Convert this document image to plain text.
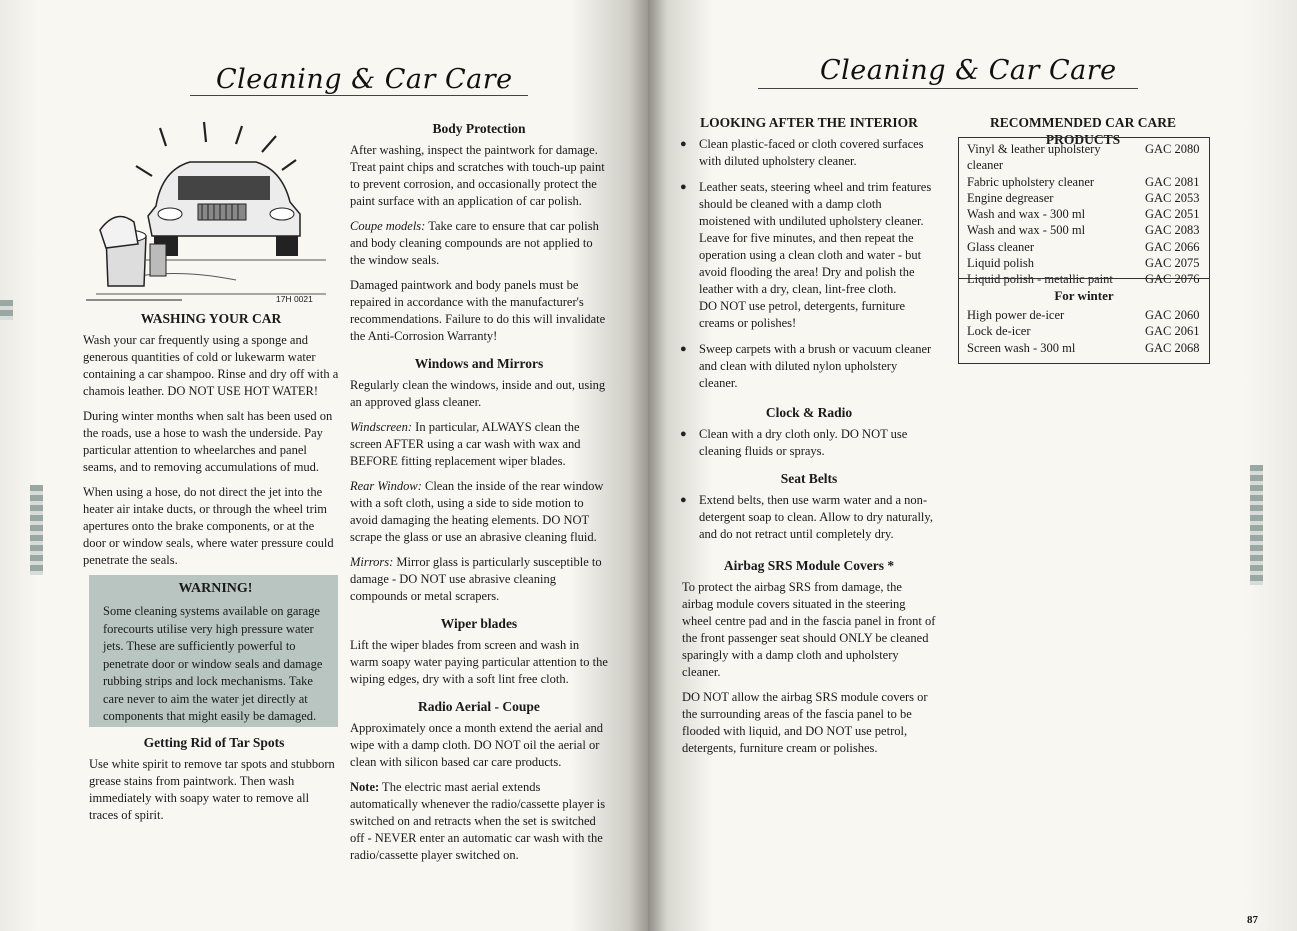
Cleaning & Car Care
17H 0021
WASHING YOUR CAR

Wash your car frequently using a sponge and generous quantities of cold or lukewarm water containing a car shampoo. Rinse and dry off with a chamois leather. DO NOT USE HOT WATER!

During winter months when salt has been used on the roads, use a hose to wash the underside. Pay particular attention to wheelarches and panel seams, and to removing accumulations of mud.

When using a hose, do not direct the jet into the heater air intake ducts, or through the wheel trim apertures onto the brake components, or at the door or window seals, where water pressure could penetrate the seals.

WARNING!
Some cleaning systems available on garage forecourts utilise very high pressure water jets. These are sufficiently powerful to penetrate door or window seals and damage rubbing strips and lock mechanisms. Take care never to aim the water jet directly at components that might easily be damaged.
Getting Rid of Tar Spots

Use white spirit to remove tar spots and stubborn grease stains from paintwork. Then wash immediately with soapy water to remove all traces of spirit.

Body Protection

After washing, inspect the paintwork for damage. Treat paint chips and scratches with touch-up paint to prevent corrosion, and occasionally protect the paint surface with an application of car polish.

Coupe models: Take care to ensure that car polish and body cleaning compounds are not applied to the window seals.

Damaged paintwork and body panels must be repaired in accordance with the manufacturer's recommendations. Failure to do this will invalidate the Anti-Corrosion Warranty!

Windows and Mirrors

Regularly clean the windows, inside and out, using an approved glass cleaner.

Windscreen: In particular, ALWAYS clean the screen AFTER using a car wash with wax and BEFORE fitting replacement wiper blades.

Rear Window: Clean the inside of the rear window with a soft cloth, using a side to side motion to avoid damaging the heating elements. DO NOT scrape the glass or use an abrasive cleaning fluid.

Mirrors: Mirror glass is particularly susceptible to damage - DO NOT use abrasive cleaning compounds or metal scrapers.

Wiper blades

Lift the wiper blades from screen and wash in warm soapy water paying particular attention to the wiping edges, dry with a soft lint free cloth.

Radio Aerial - Coupe

Approximately once a month extend the aerial and wipe with a damp cloth. DO NOT oil the aerial or clean with silicon based car care products.

Note: The electric mast aerial extends automatically whenever the radio/cassette player is switched on and retracts when the set is switched off - NEVER enter an automatic car wash with the radio/cassette player switched on.

Cleaning & Car Care
LOOKING AFTER THE INTERIOR
● Clean plastic-faced or cloth covered surfaces with diluted upholstery cleaner.
● Leather seats, steering wheel and trim features should be cleaned with a damp cloth moistened with undiluted upholstery cleaner. Leave for five minutes, and then repeat the operation using a clean cloth and water - but avoid flooding the area! Dry and polish the leather with a dry, clean, lint-free cloth.
DO NOT use petrol, detergents, furniture creams or polishes!
● Sweep carpets with a brush or vacuum cleaner and clean with diluted nylon upholstery cleaner.
Clock & Radio
● Clean with a dry cloth only. DO NOT use cleaning fluids or sprays.
Seat Belts
● Extend belts, then use warm water and a non-detergent soap to clean. Allow to dry naturally, and do not retract until completely dry.
Airbag SRS Module Covers *

To protect the airbag SRS from damage, the airbag module covers situated in the steering wheel centre pad and in the fascia panel in front of the front passenger seat should ONLY be cleaned sparingly with a damp cloth and upholstery cleaner.

DO NOT allow the airbag SRS module covers or the surrounding areas of the fascia panel to be flooded with liquid, and DO NOT use petrol, detergents, furniture cream or polishes.

RECOMMENDED CAR CARE PRODUCTS
Vinyl & leather upholstery cleaner	GAC 2080
Fabric upholstery cleaner	GAC 2081
Engine degreaser	GAC 2053
Wash and wax - 300 ml	GAC 2051
Wash and wax - 500 ml	GAC 2083
Glass cleaner	GAC 2066
Liquid polish	GAC 2075
Liquid polish - metallic paint	GAC 2076
For winter
High power de-icer	GAC 2060
Lock de-icer	GAC 2061
Screen wash - 300 ml	GAC 2068
87
